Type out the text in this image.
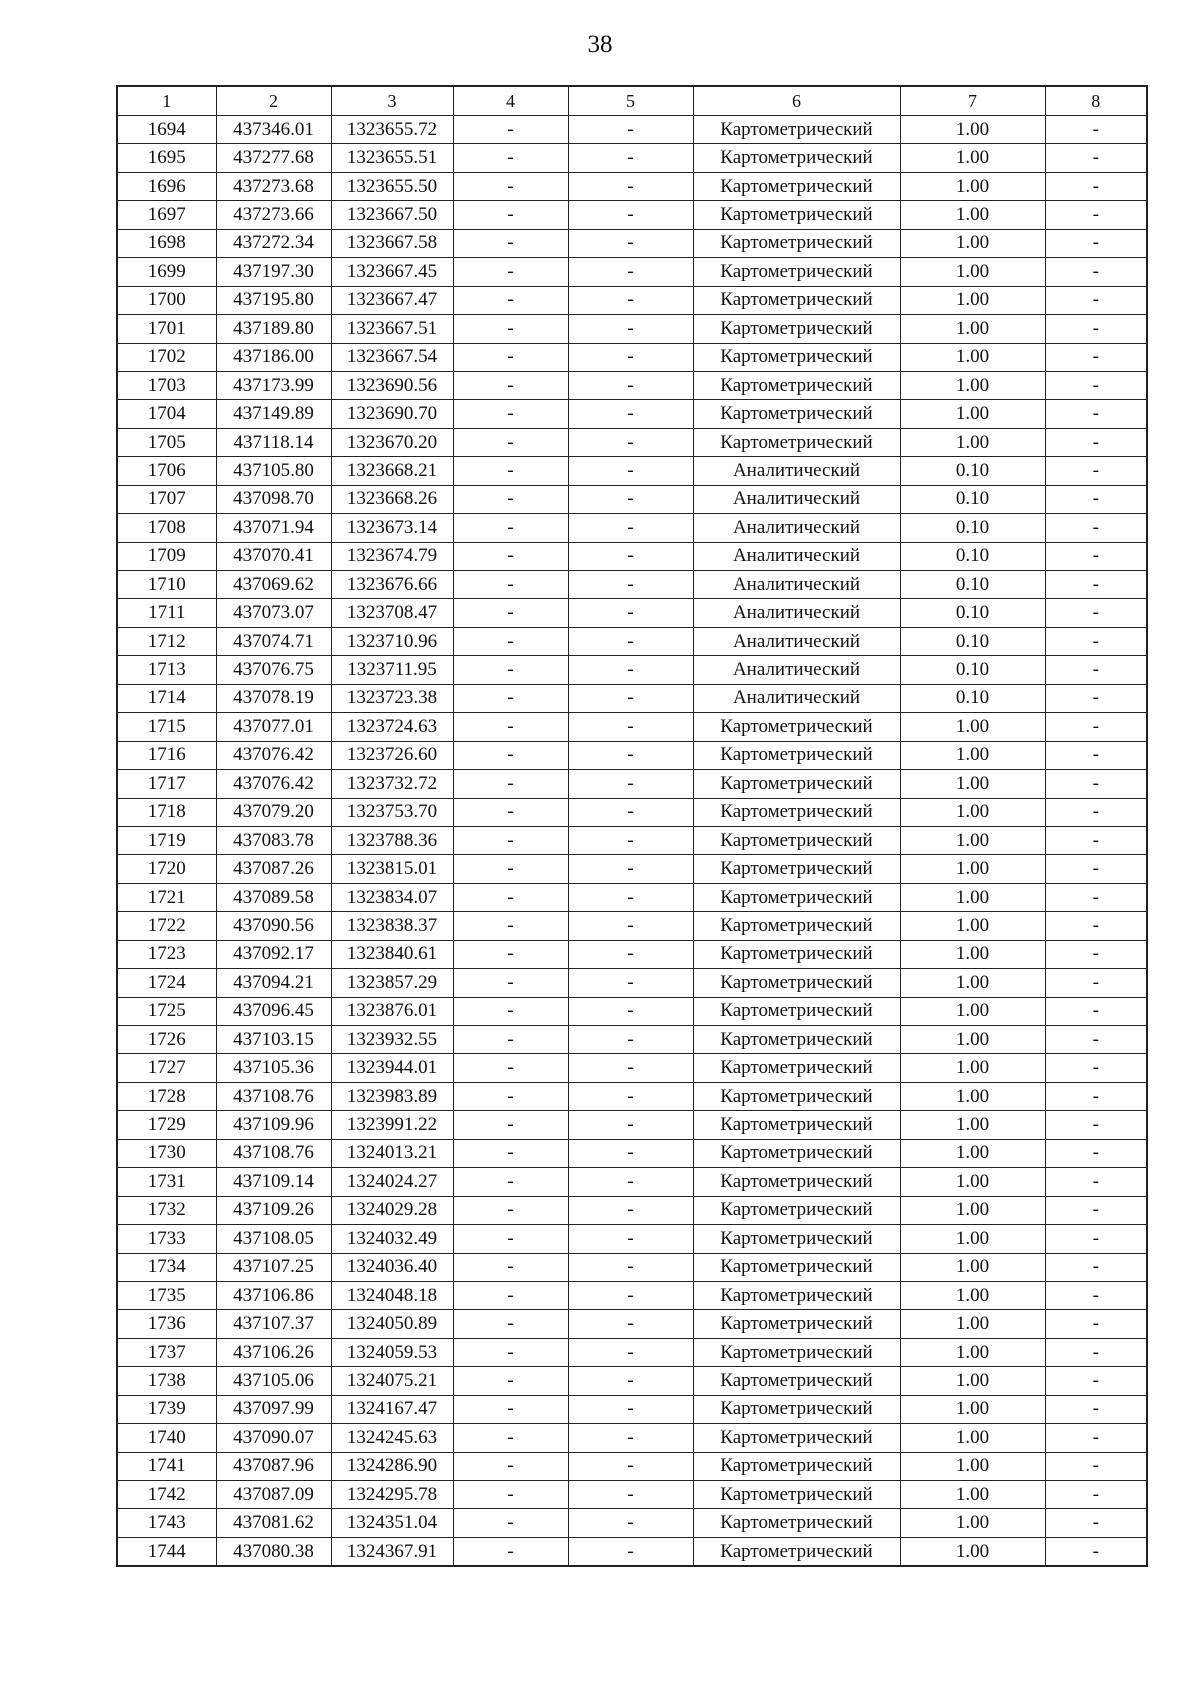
38
1	2	3	4	5	6	7	8
1694	437346.01	1323655.72	-	-	Картометрический	1.00	-
1695	437277.68	1323655.51	-	-	Картометрический	1.00	-
1696	437273.68	1323655.50	-	-	Картометрический	1.00	-
1697	437273.66	1323667.50	-	-	Картометрический	1.00	-
1698	437272.34	1323667.58	-	-	Картометрический	1.00	-
1699	437197.30	1323667.45	-	-	Картометрический	1.00	-
1700	437195.80	1323667.47	-	-	Картометрический	1.00	-
1701	437189.80	1323667.51	-	-	Картометрический	1.00	-
1702	437186.00	1323667.54	-	-	Картометрический	1.00	-
1703	437173.99	1323690.56	-	-	Картометрический	1.00	-
1704	437149.89	1323690.70	-	-	Картометрический	1.00	-
1705	437118.14	1323670.20	-	-	Картометрический	1.00	-
1706	437105.80	1323668.21	-	-	Аналитический	0.10	-
1707	437098.70	1323668.26	-	-	Аналитический	0.10	-
1708	437071.94	1323673.14	-	-	Аналитический	0.10	-
1709	437070.41	1323674.79	-	-	Аналитический	0.10	-
1710	437069.62	1323676.66	-	-	Аналитический	0.10	-
1711	437073.07	1323708.47	-	-	Аналитический	0.10	-
1712	437074.71	1323710.96	-	-	Аналитический	0.10	-
1713	437076.75	1323711.95	-	-	Аналитический	0.10	-
1714	437078.19	1323723.38	-	-	Аналитический	0.10	-
1715	437077.01	1323724.63	-	-	Картометрический	1.00	-
1716	437076.42	1323726.60	-	-	Картометрический	1.00	-
1717	437076.42	1323732.72	-	-	Картометрический	1.00	-
1718	437079.20	1323753.70	-	-	Картометрический	1.00	-
1719	437083.78	1323788.36	-	-	Картометрический	1.00	-
1720	437087.26	1323815.01	-	-	Картометрический	1.00	-
1721	437089.58	1323834.07	-	-	Картометрический	1.00	-
1722	437090.56	1323838.37	-	-	Картометрический	1.00	-
1723	437092.17	1323840.61	-	-	Картометрический	1.00	-
1724	437094.21	1323857.29	-	-	Картометрический	1.00	-
1725	437096.45	1323876.01	-	-	Картометрический	1.00	-
1726	437103.15	1323932.55	-	-	Картометрический	1.00	-
1727	437105.36	1323944.01	-	-	Картометрический	1.00	-
1728	437108.76	1323983.89	-	-	Картометрический	1.00	-
1729	437109.96	1323991.22	-	-	Картометрический	1.00	-
1730	437108.76	1324013.21	-	-	Картометрический	1.00	-
1731	437109.14	1324024.27	-	-	Картометрический	1.00	-
1732	437109.26	1324029.28	-	-	Картометрический	1.00	-
1733	437108.05	1324032.49	-	-	Картометрический	1.00	-
1734	437107.25	1324036.40	-	-	Картометрический	1.00	-
1735	437106.86	1324048.18	-	-	Картометрический	1.00	-
1736	437107.37	1324050.89	-	-	Картометрический	1.00	-
1737	437106.26	1324059.53	-	-	Картометрический	1.00	-
1738	437105.06	1324075.21	-	-	Картометрический	1.00	-
1739	437097.99	1324167.47	-	-	Картометрический	1.00	-
1740	437090.07	1324245.63	-	-	Картометрический	1.00	-
1741	437087.96	1324286.90	-	-	Картометрический	1.00	-
1742	437087.09	1324295.78	-	-	Картометрический	1.00	-
1743	437081.62	1324351.04	-	-	Картометрический	1.00	-
1744	437080.38	1324367.91	-	-	Картометрический	1.00	-
